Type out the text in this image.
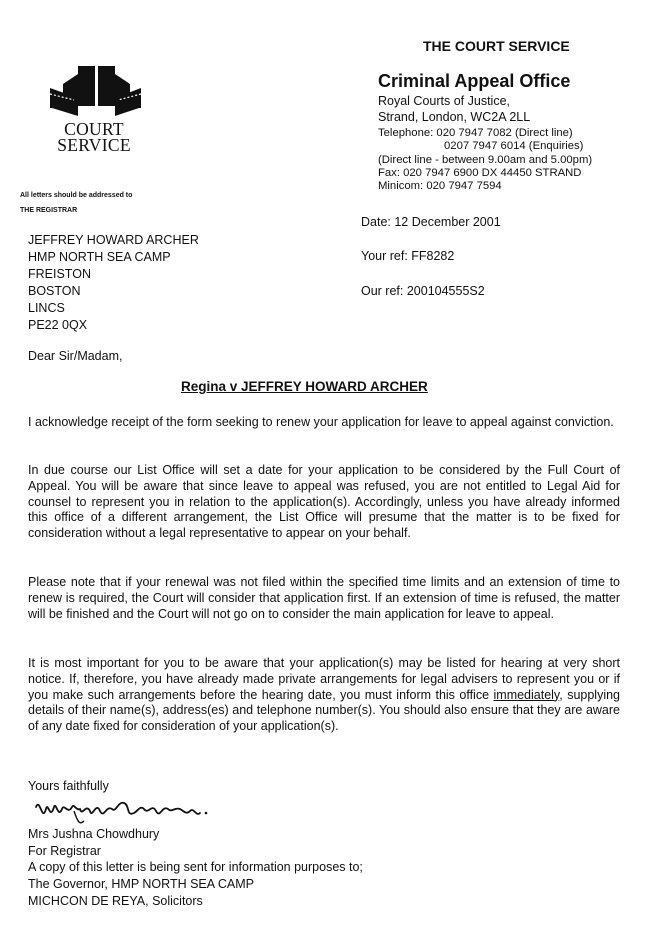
COURT
SERVICE
THE COURT SERVICE
Criminal Appeal Office
Royal Courts of Justice,
Strand, London, WC2A 2LL
Telephone: 020 7947 7082 (Direct line)
0207 7947 6014 (Enquiries)
(Direct line - between 9.00am and 5.00pm)
Fax: 020 7947 6900 DX 44450 STRAND
Minicom: 020 7947 7594
All letters should be addressed to
THE REGISTRAR
JEFFREY HOWARD ARCHER
HMP NORTH SEA CAMP
FREISTON
BOSTON
LINCS
PE22 0QX
Date: 12 December 2001
Your ref: FF8282
Our ref: 200104555S2
Dear Sir/Madam,
Regina v JEFFREY HOWARD ARCHER
I acknowledge receipt of the form seeking to renew your application for leave to appeal against conviction.
In due course our List Office will set a date for your application to be considered by the Full Court of Appeal. You will be aware that since leave to appeal was refused, you are not entitled to Legal Aid for counsel to represent you in relation to the application(s). Accordingly, unless you have already informed this office of a different arrangement, the List Office will presume that the matter is to be fixed for consideration without a legal representative to appear on your behalf.
Please note that if your renewal was not filed within the specified time limits and an extension of time to renew is required, the Court will consider that application first. If an extension of time is refused, the matter will be finished and the Court will not go on to consider the main application for leave to appeal.
It is most important for you to be aware that your application(s) may be listed for hearing at very short notice. If, therefore, you have already made private arrangements for legal advisers to represent you or if you make such arrangements before the hearing date, you must inform this office immediately, supplying details of their name(s), address(es) and telephone number(s). You should also ensure that they are aware of any date fixed for consideration of your application(s).
Yours faithfully
Mrs Jushna Chowdhury
For Registrar
A copy of this letter is being sent for information purposes to;
The Governor, HMP NORTH SEA CAMP
MICHCON DE REYA, Solicitors
